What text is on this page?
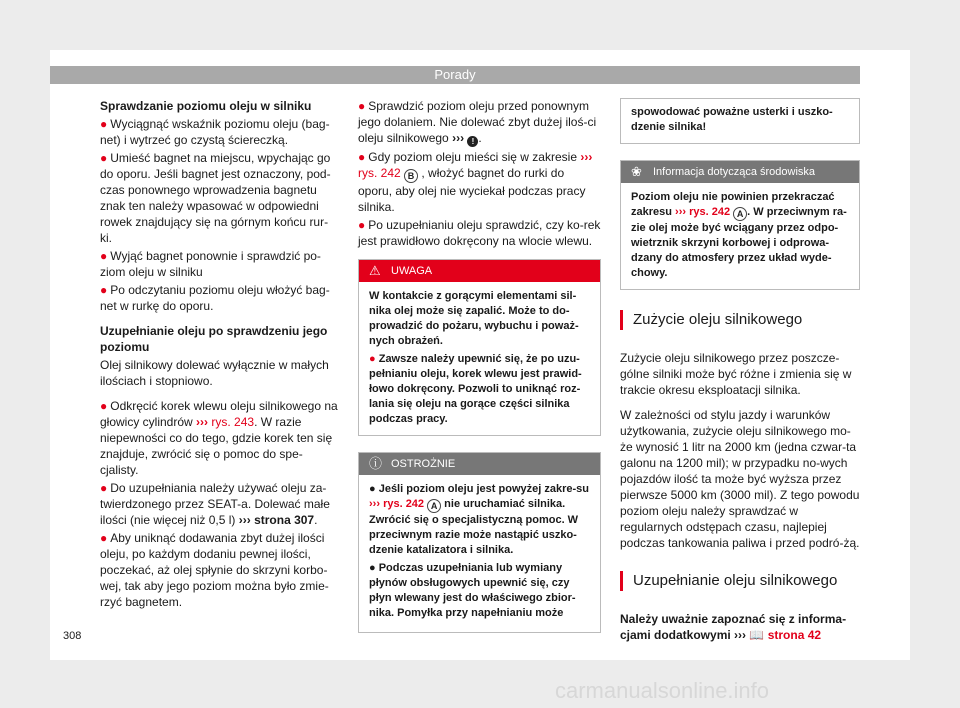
Porady
Sprawdzanie poziomu oleju w silniku
● Wyciągnąć wskaźnik poziomu oleju (bag-net) i wytrzeć go czystą ściereczką.
● Umieść bagnet na miejscu, wpychając go do oporu. Jeśli bagnet jest oznaczony, pod-czas ponownego wprowadzenia bagnetu znak ten należy wpasować w odpowiedni rowek znajdujący się na górnym końcu rur-ki.
● Wyjąć bagnet ponownie i sprawdzić po-ziom oleju w silniku
● Po odczytaniu poziomu oleju włożyć bag-net w rurkę do oporu.
Uzupełnianie oleju po sprawdzeniu jego poziomu

Olej silnikowy dolewać wyłącznie w małych ilościach i stopniowo.

● Odkręcić korek wlewu oleju silnikowego na głowicy cylindrów ››› rys. 243. W razie niepewności co do tego, gdzie korek ten się znajduje, zwrócić się o pomoc do spe-cjalisty.
● Do uzupełniania należy używać oleju za-twierdzonego przez SEAT-a. Dolewać małe ilości (nie więcej niż 0,5 l) ››› strona 307.
● Aby uniknąć dodawania zbyt dużej ilości oleju, po każdym dodaniu pewnej ilości, poczekać, aż olej spłynie do skrzyni korbo-wej, tak aby jego poziom można było zmie-rzyć bagnetem.
● Sprawdzić poziom oleju przed ponownym jego dolaniem. Nie dolewać zbyt dużej iloś-ci oleju silnikowego ››› ! .
● Gdy poziom oleju mieści się w zakresie ››› rys. 242 B , włożyć bagnet do rurki do oporu, aby olej nie wyciekał podczas pracy silnika.
● Po uzupełnianiu oleju sprawdzić, czy ko-rek jest prawidłowo dokręcony na wlocie wlewu.
⚠ UWAGA

W kontakcie z gorącymi elementami sil-nika olej może się zapalić. Może to do-prowadzić do pożaru, wybuchu i poważ-nych obrażeń.

● Zawsze należy upewnić się, że po uzu-pełnianiu oleju, korek wlewu jest prawid-łowo dokręcony. Pozwoli to uniknąć roz-lania się oleju na gorące części silnika podczas pracy.
ⓘ OSTROŻNIE

● Jeśli poziom oleju jest powyżej zakre-su ››› rys. 242 A nie uruchamiać silnika. Zwrócić się o specjalistyczną pomoc. W przeciwnym razie może nastąpić uszko-dzenie katalizatora i silnika.

● Podczas uzupełniania lub wymiany płynów obsługowych upewnić się, czy płyn wlewany jest do właściwego zbior-nika. Pomyłka przy napełnianiu może

spowodować poważne usterki i uszko-dzenie silnika!
❀ Informacja dotycząca środowiska
Poziom oleju nie powinien przekraczać zakresu ››› rys. 242 A . W przeciwnym ra-zie olej może być wciągany przez odpo-wietrznik skrzyni korbowej i odprowa-dzany do atmosfery przez układ wyde-chowy.
Zużycie oleju silnikowego

Zużycie oleju silnikowego przez poszcze-gólne silniki może być różne i zmienia się w trakcie okresu eksploatacji silnika.

W zależności od stylu jazdy i warunków użytkowania, zużycie oleju silnikowego mo-że wynosić 1 litr na 2000 km (jedna czwar-ta galonu na 1200 mil); w przypadku no-wych pojazdów ilość ta może być wyższa przez pierwsze 5000 km (3000 mil). Z tego powodu poziom oleju należy sprawdzać w regularnych odstępach czasu, najlepiej podczas tankowania paliwa i przed podró-żą.

Uzupełnianie oleju silnikowego

Należy uważnie zapoznać się z informa-cjami dodatkowymi ››› 📖 strona 42

308
carmanualsonline.info
